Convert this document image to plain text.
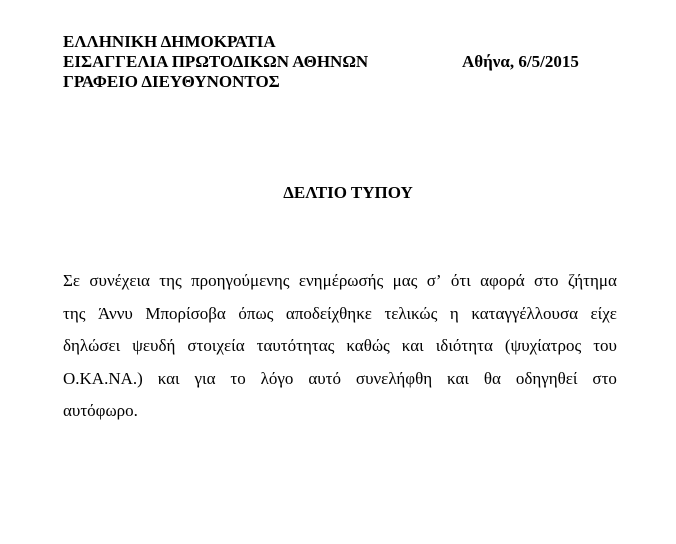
ΕΛΛΗΝΙΚΗ ΔΗΜΟΚΡΑΤΙΑ
ΕΙΣΑΓΓΕΛΙΑ ΠΡΩΤΟΔΙΚΩΝ ΑΘΗΝΩΝ
ΓΡΑΦΕΙΟ ΔΙΕΥΘΥΝΟΝΤΟΣ
Αθήνα, 6/5/2015
ΔΕΛΤΙΟ ΤΥΠΟΥ
Σε συνέχεια της προηγούμενης ενημέρωσής μας σ’ ότι αφορά στο ζήτημα
της Άννυ Μπορίσοβα όπως αποδείχθηκε τελικώς η καταγγέλλουσα είχε
δηλώσει ψευδή στοιχεία ταυτότητας καθώς και ιδιότητα (ψυχίατρος του
Ο.ΚΑ.ΝΑ.) και για το λόγο αυτό συνελήφθη και θα οδηγηθεί στο
αυτόφωρο.
